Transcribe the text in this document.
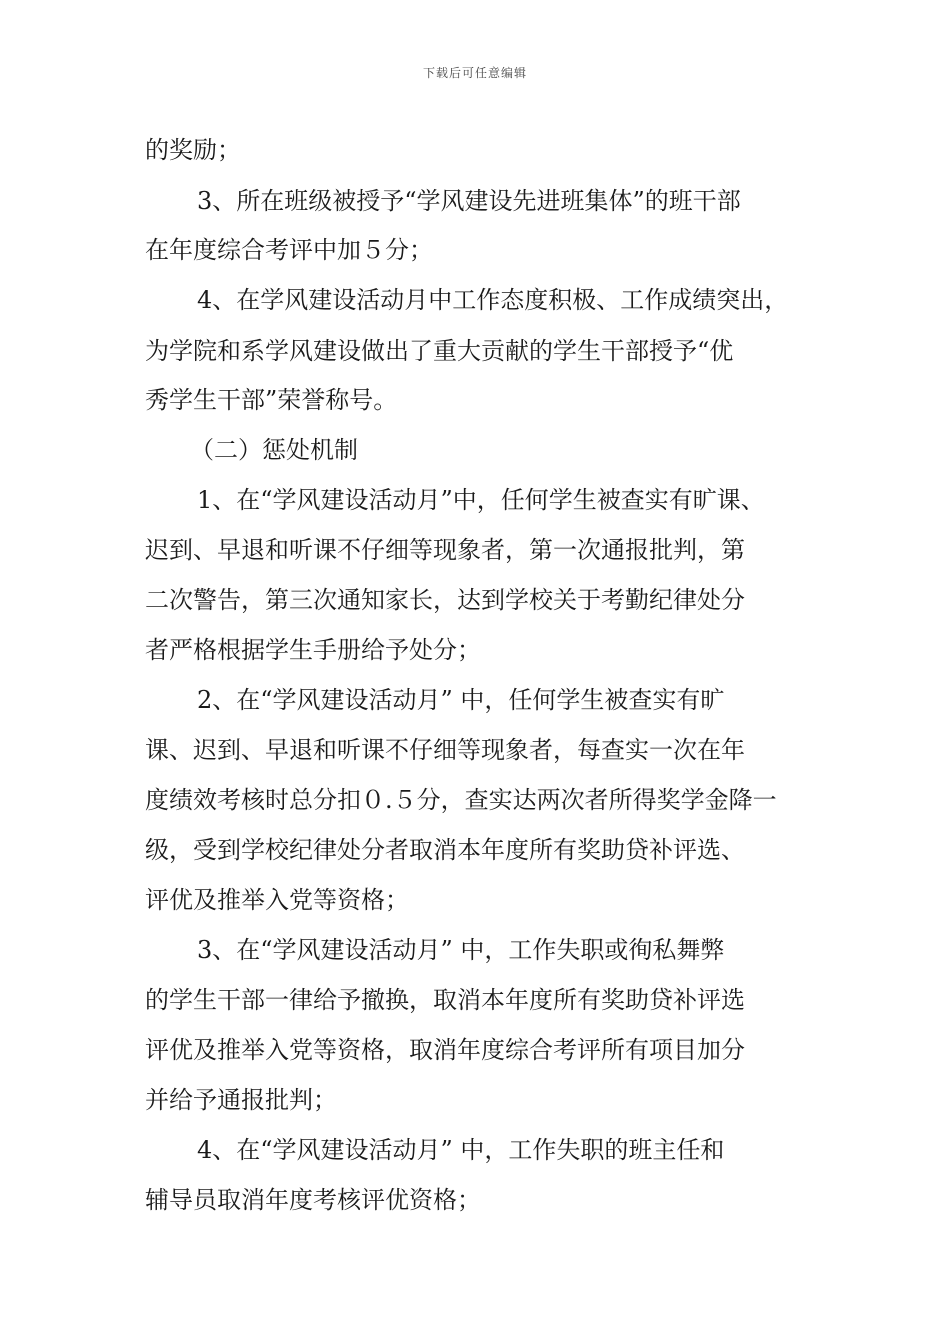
下载后可任意编辑
的奖励；
3、所在班级被授予“学风建设先进班集体”的班干部
在年度综合考评中加５分；
4、在学风建设活动月中工作态度积极、工作成绩突出，
为学院和系学风建设做出了重大贡献的学生干部授予“优
秀学生干部”荣誉称号。
（二）惩处机制
1、在“学风建设活动月”中，任何学生被查实有旷课、
迟到、早退和听课不仔细等现象者，第一次通报批判，第
二次警告，第三次通知家长，达到学校关于考勤纪律处分
者严格根据学生手册给予处分；
2、在“学风建设活动月” 中，任何学生被查实有旷
课、迟到、早退和听课不仔细等现象者，每查实一次在年
度绩效考核时总分扣０.５分，查实达两次者所得奖学金降一
级，受到学校纪律处分者取消本年度所有奖助贷补评选、
评优及推举入党等资格；
3、在“学风建设活动月” 中，工作失职或徇私舞弊
的学生干部一律给予撤换，取消本年度所有奖助贷补评选
评优及推举入党等资格，取消年度综合考评所有项目加分
并给予通报批判；
4、在“学风建设活动月” 中，工作失职的班主任和
辅导员取消年度考核评优资格；
